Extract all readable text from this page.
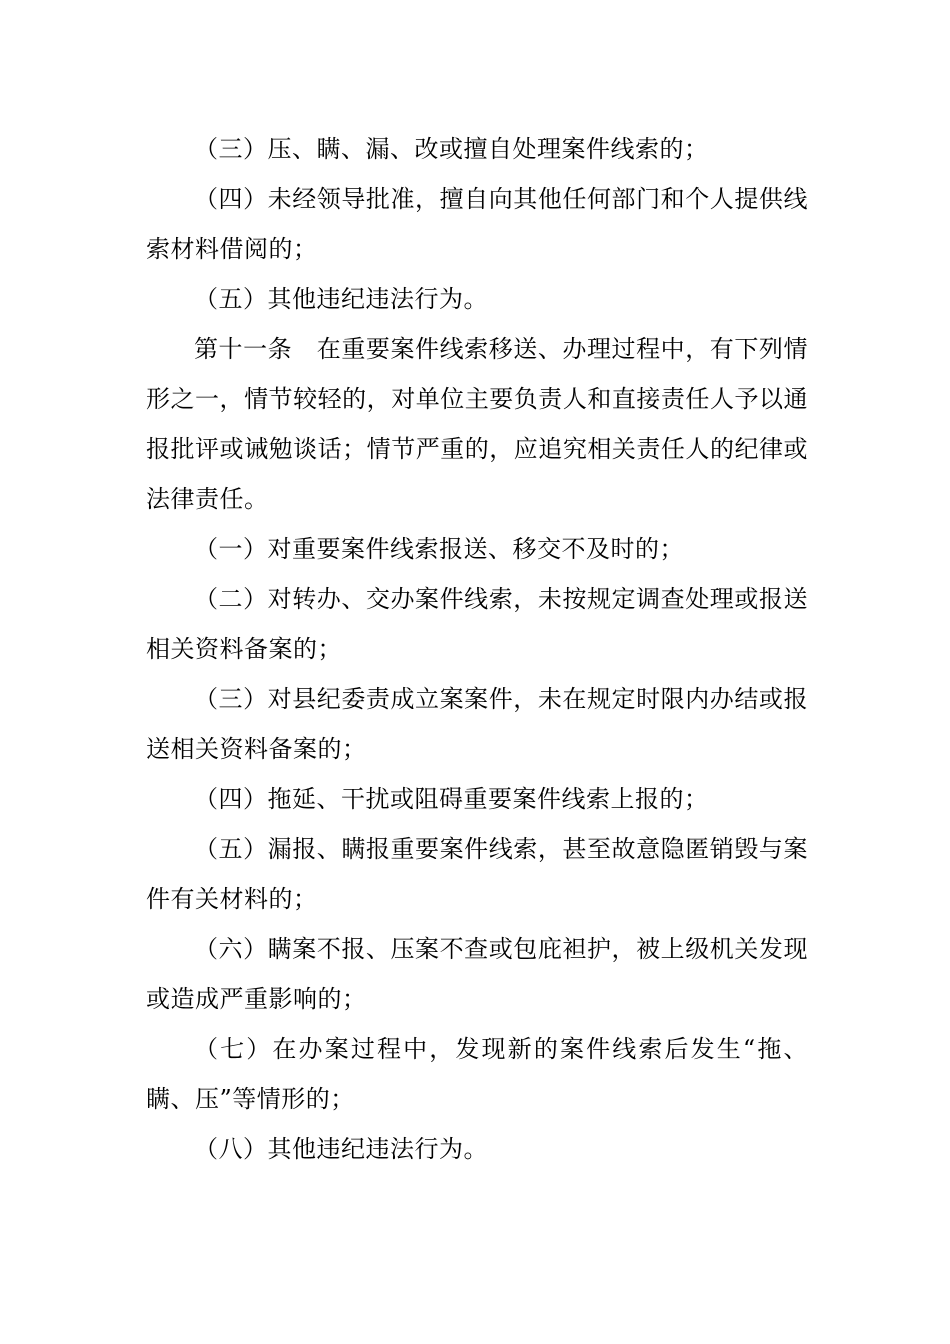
（三）压、瞒、漏、改或擅自处理案件线索的；

（四）未经领导批准，擅自向其他任何部门和个人提供线索材料借阅的；

（五）其他违纪违法行为。

第十一条　在重要案件线索移送、办理过程中，有下列情形之一，情节较轻的，对单位主要负责人和直接责任人予以通报批评或诫勉谈话；情节严重的，应追究相关责任人的纪律或法律责任。

（一）对重要案件线索报送、移交不及时的；

（二）对转办、交办案件线索，未按规定调查处理或报送相关资料备案的；

（三）对县纪委责成立案案件，未在规定时限内办结或报送相关资料备案的；

（四）拖延、干扰或阻碍重要案件线索上报的；

（五）漏报、瞒报重要案件线索，甚至故意隐匿销毁与案件有关材料的；

（六）瞒案不报、压案不查或包庇袒护，被上级机关发现或造成严重影响的；

（七）在办案过程中，发现新的案件线索后发生“拖、瞒、压”等情形的；

（八）其他违纪违法行为。
